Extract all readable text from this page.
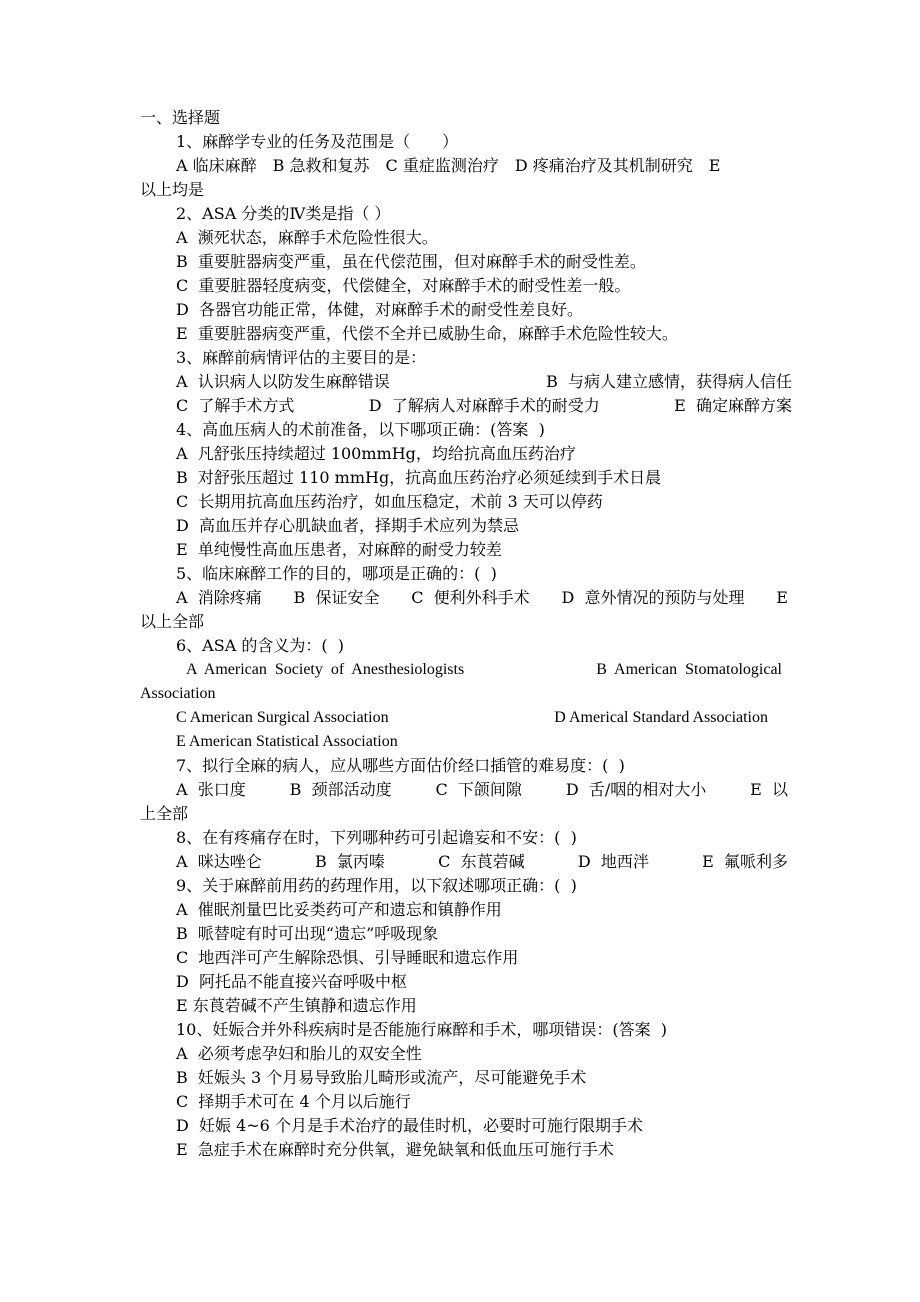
一、选择题
1、麻醉学专业的任务及范围是（　　）
A 临床麻醉　B 急救和复苏　C 重症监测治疗　D 疼痛治疗及其机制研究　E
以上均是
2、ASA 分类的Ⅳ类是指（ ）
A  濒死状态，麻醉手术危险性很大。
B  重要脏器病变严重，虽在代偿范围，但对麻醉手术的耐受性差。
C  重要脏器轻度病变，代偿健全，对麻醉手术的耐受性差一般。
D  各器官功能正常，体健，对麻醉手术的耐受性差良好。
E  重要脏器病变严重，代偿不全并已威胁生命，麻醉手术危险性较大。
3、麻醉前病情评估的主要目的是：
A  认识病人以防发生麻醉错误	B  与病人建立感情，获得病人信任
C  了解手术方式	D  了解病人对麻醉手术的耐受力	E  确定麻醉方案
4、高血压病人的术前准备，以下哪项正确：(答案  )
A  凡舒张压持续超过 100mmHg，均给抗高血压药治疗
B  对舒张压超过 110 mmHg，抗高血压药治疗必须延续到手术日晨
C  长期用抗高血压药治疗，如血压稳定，术前 3 天可以停药
D  高血压并存心肌缺血者，择期手术应列为禁忌
E  单纯慢性高血压患者，对麻醉的耐受力较差
5、临床麻醉工作的目的，哪项是正确的：(  )
A  消除疼痛 B  保证安全 C  便利外科手术 D  意外情况的预防与处理 E
以上全部
6、ASA 的含义为：(  )
A  American  Society  of  Anesthesiologists	B  American  Stomatological
Association
C American Surgical Association	D Americal Standard Association
E American Statistical Association
7、拟行全麻的病人，应从哪些方面估价经口插管的难易度：(  )
A  张口度	B  颈部活动度	C  下颌间隙	D  舌/咽的相对大小	E  以
上全部
8、在有疼痛存在时，下列哪种药可引起谵妄和不安：(  )
A  咪达唑仑	B  氯丙嗪	C  东莨菪碱	D  地西泮	E  氟哌利多
9、关于麻醉前用药的药理作用，以下叙述哪项正确：(  )
A  催眠剂量巴比妥类药可产和遗忘和镇静作用
B  哌替啶有时可出现“遗忘”呼吸现象
C  地西泮可产生解除恐惧、引导睡眠和遗忘作用
D  阿托品不能直接兴奋呼吸中枢
E 东莨菪碱不产生镇静和遗忘作用
10、妊娠合并外科疾病时是否能施行麻醉和手术，哪项错误：(答案  )
A  必须考虑孕妇和胎儿的双安全性
B  妊娠头 3 个月易导致胎儿畸形或流产，尽可能避免手术
C  择期手术可在 4 个月以后施行
D  妊娠 4~6 个月是手术治疗的最佳时机，必要时可施行限期手术
E  急症手术在麻醉时充分供氧，避免缺氧和低血压可施行手术
